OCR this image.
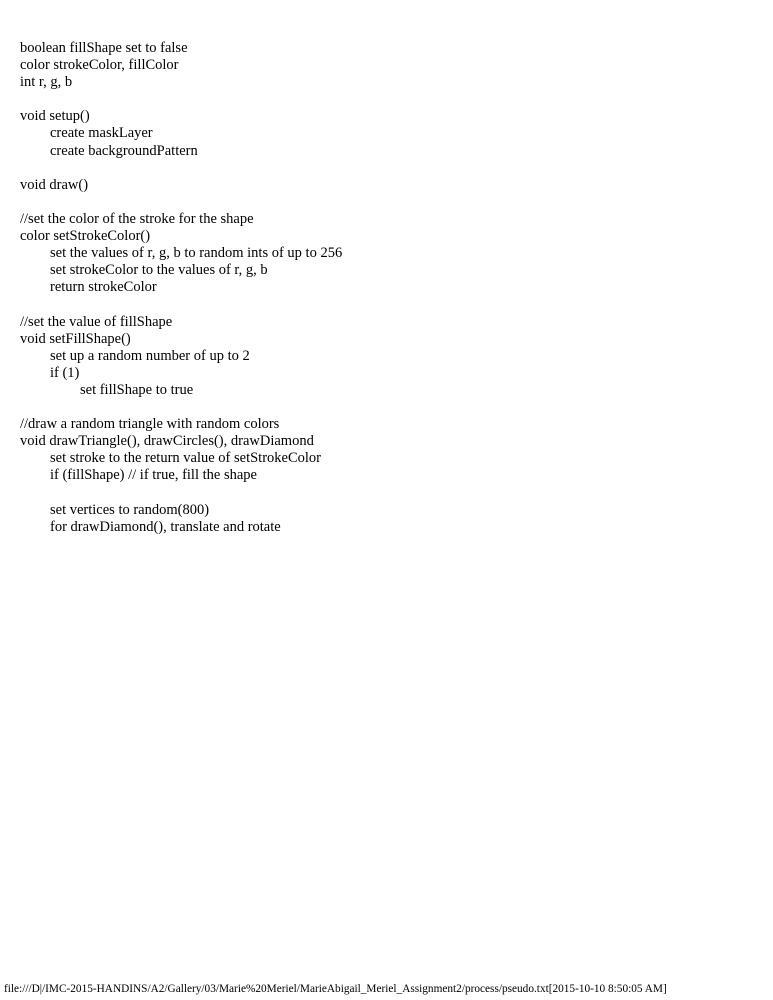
boolean fillShape set to false
color strokeColor, fillColor
int r, g, b
void setup()
create maskLayer
create backgroundPattern
void draw()
//set the color of the stroke for the shape
color setStrokeColor()
set the values of r, g, b to random ints of up to 256
set strokeColor to the values of r, g, b
return strokeColor
//set the value of fillShape
void setFillShape()
set up a random number of up to 2
if (1)
set fillShape to true
//draw a random triangle with random colors
void drawTriangle(), drawCircles(), drawDiamond
set stroke to the return value of setStrokeColor
if (fillShape) // if true, fill the shape
set vertices to random(800)
for drawDiamond(), translate and rotate
file:///D|/IMC-2015-HANDINS/A2/Gallery/03/Marie%20Meriel/MarieAbigail_Meriel_Assignment2/process/pseudo.txt[2015-10-10 8:50:05 AM]
